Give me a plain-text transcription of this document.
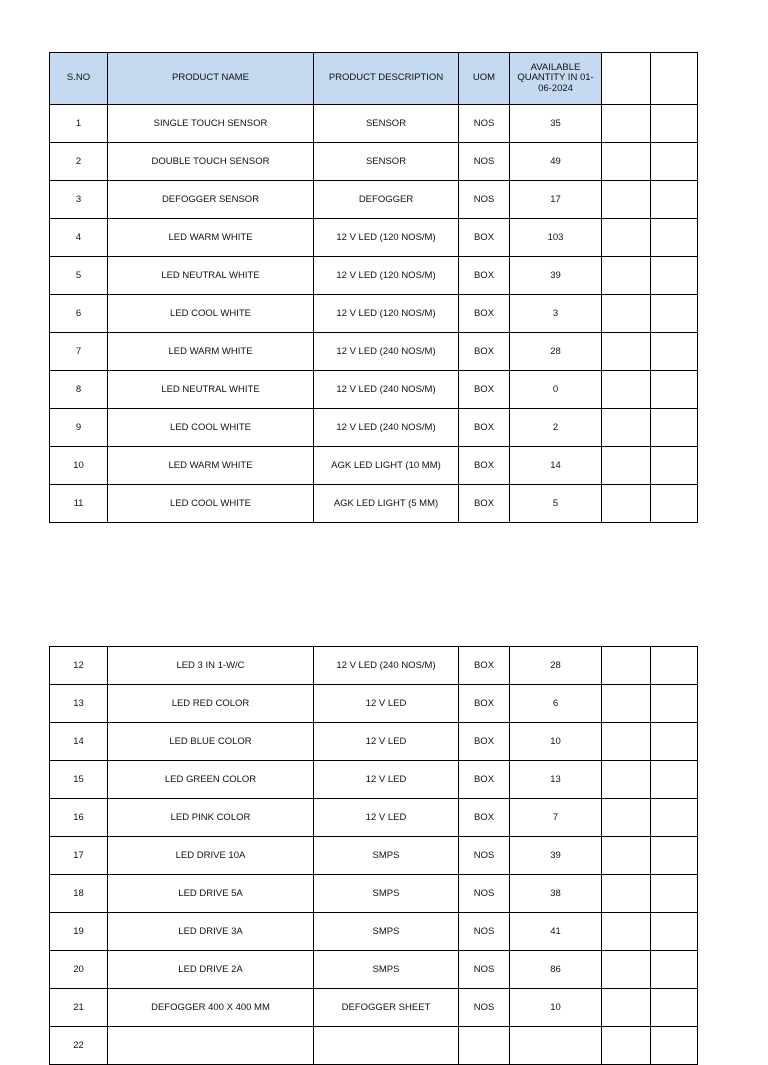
S.NO	PRODUCT NAME	PRODUCT DESCRIPTION	UOM	AVAILABLE QUANTITY IN 01-06-2024		
1	SINGLE TOUCH SENSOR	SENSOR	NOS	35		
2	DOUBLE TOUCH SENSOR	SENSOR	NOS	49		
3	DEFOGGER SENSOR	DEFOGGER	NOS	17		
4	LED WARM WHITE	12 V LED (120 NOS/M)	BOX	103		
5	LED NEUTRAL WHITE	12 V LED (120 NOS/M)	BOX	39		
6	LED COOL WHITE	12 V LED (120 NOS/M)	BOX	3		
7	LED WARM WHITE	12 V LED (240 NOS/M)	BOX	28		
8	LED NEUTRAL WHITE	12 V LED (240 NOS/M)	BOX	0		
9	LED COOL WHITE	12 V LED (240 NOS/M)	BOX	2		
10	LED WARM WHITE	AGK LED LIGHT (10 MM)	BOX	14		
11	LED COOL WHITE	AGK LED LIGHT (5 MM)	BOX	5		
12	LED 3 IN 1-W/C	12 V LED (240 NOS/M)	BOX	28		
13	LED RED COLOR	12 V LED	BOX	6		
14	LED BLUE COLOR	12 V LED	BOX	10		
15	LED GREEN COLOR	12 V LED	BOX	13		
16	LED PINK COLOR	12 V LED	BOX	7		
17	LED DRIVE 10A	SMPS	NOS	39		
18	LED DRIVE 5A	SMPS	NOS	38		
19	LED DRIVE 3A	SMPS	NOS	41		
20	LED DRIVE 2A	SMPS	NOS	86		
21	DEFOGGER 400 X 400 MM	DEFOGGER SHEET	NOS	10		
22						
